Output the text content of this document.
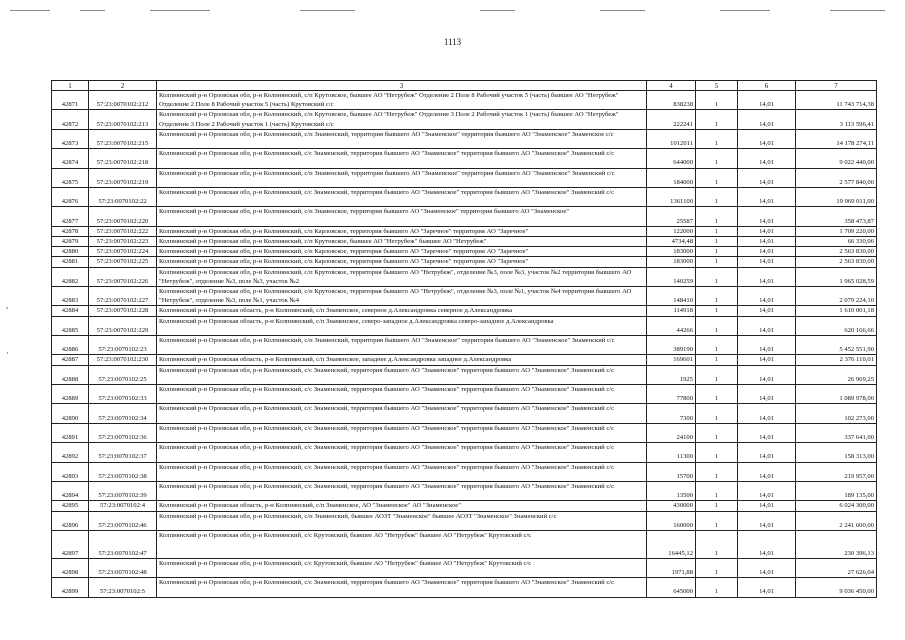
1113
,
·
1	2	3	4	5	6	7
42871	57:23:0070102:212	Колпнянский р-н Орловская обл, р-н Колпнянский, с/п Крутовское, бывшее АО "Нетрубеж" Отделение 2 Поле 8 Рабочий участок 5 (часть) бывшее АО "Нетрубеж" Отделение 2 Поле 8 Рабочий участок 5 (часть) Крутовский с/с	838238	1	14,01	11 743 714,38
42872	57:23:0070102:213	Колпнянский р-н Орловская обл, р-н Колпнянский, с/п Крутовское, бывшее АО "Нетрубеж" Отделение 3 Поле 2 Рабочий участок 1 (часть) бывшее АО "Нетрубеж" Отделение 3 Поле 2 Рабочий участок 1 (часть) Крутовский с/с	222241	1	14,01	3 113 596,41
42873	57:23:0070102:215	Колпнянский р-н Орловская обл, р-н Колпнянский, с/п Знаменский, территория бывшего АО "Знаменское" территория бывшего АО "Знаменское" Знаменское с/с	1012011	1	14,01	14 178 274,11
42874	57:23:0070102:218	Колпнянский р-н Орловская обл, р-н Колпнянский, с/с Знаменский, территория бывшего АО "Знаменское" территория бывшего АО "Знаменское" Знаменский с/с	644000	1	14,01	9 022 440,00
42875	57:23:0070102:219	Колпнянский р-н Орловская обл, р-н Колпнянский, с/п Знаменский, территория бывшего АО "Знаменское" территория бывшего АО "Знаменское" Знаменский с/с	184000	1	14,01	2 577 840,00
42876	57:23:0070102:22	Колпнянский р-н Орловская обл, р-н Колпнянский, с/с Знаменский, территория бывшего АО "Знаменское" территория бывшего АО "Знаменское" Знаменский с/с	1361100	1	14,01	19 069 011,00
42877	57:23:0070102:220	Колпнянский р-н Орловская обл, р-н Колпнянский, с/п Знаменское, территория бывшего АО "Знаменское" территория бывшего АО "Знаменское"	25587	1	14,01	358 473,87
42878	57:23:0070102:222	Колпнянский р-н Орловская обл, р-н Колпнянский, с/п Карловское, территория бывшего АО "Заречное" территория АО "Заречное"	122000	1	14,01	1 709 220,00
42879	57:23:0070102:223	Колпнянский р-н Орловская обл, р-н Колпнянский, с/п Крутовское, бывшее АО "Нетрубеж" бывшее АО "Нетрубеж"	4734,48	1	14,01	66 330,06
42880	57:23:0070102:224	Колпнянский р-н Орловская обл, р-н Колпнянский, с/п Карловское, территория бывшего АО "Заречное" территория АО "Заречное"	183000	1	14,01	2 563 830,00
42881	57:23:0070102:225	Колпнянский р-н Орловская обл, р-н Колпнянский, с/п Карловское, территория бывшего АО "Заречное" территория АО "Заречное"	183000	1	14,01	2 563 830,00
42882	57:23:0070102:226	Колпнянский р-н Орловская обл, р-н Колпнянский, с/п Крутовское, территория бывшего АО "Нетрубеж", отделение №3, поле №3, участок №2 территория бывшего АО "Нетрубеж", отделение №3, поле №3, участок №2	140259	1	14,01	1 965 028,59
42883	57:23:0070102:227	Колпнянский р-н Орловская обл, р-н Колпнянский, с/п Крутовское, территория бывшего АО "Нетрубеж", отделение №3, поле №1, участок №4 территория бывшего АО "Нетрубеж", отделение №3, поле №1, участок №4	148410	1	14,01	2 079 224,10
42884	57:23:0070102:228	Колпнянский р-н Орловская область, р-н Колпнянский, с/п Знаменское, северное д.Александровка северное д.Александровка	114918	1	14,01	1 610 001,18
42885	57:23:0070102:229	Колпнянский р-н Орловская область, р-н Колпнянский, с/п Знаменское, северо-западное д.Александровка северо-западное д.Александровка	44266	1	14,01	620 166,66
42886	57:23:0070102:23	Колпнянский р-н Орловская обл, р-н Колпнянский, с/п Знаменский, территория бывшего АО "Знаменское" территория бывшего АО "Знаменское" Знаменский с/с	389190	1	14,01	5 452 551,90
42887	57:23:0070102:230	Колпнянский р-н Орловская область, р-н Колпнянский, с/п Знаменское, западнее д.Александровка западнее д.Александровка	169601	1	14,01	2 376 110,01
42888	57:23:0070102:25	Колпнянский р-н Орловская обл, р-н Колпнянский, с/с Знаменский, территория бывшего АО "Знаменское" территория бывшего АО "Знаменское" Знаменский с/с	1925	1	14,01	26 969,25
42889	57:23:0070102:33	Колпнянский р-н Орловская обл, р-н Колпнянский, с/с Знаменский, территория бывшего АО "Знаменское" территория бывшего АО "Знаменское" Знаменский с/с	77800	1	14,01	1 089 978,00
42890	57:23:0070102:34	Колпнянский р-н Орловская обл, р-н Колпнянский, с/с Знаменский, территория бывшего АО "Знаменское" территория бывшего АО "Знаменское" Знаменский с/с	7300	1	14,01	102 273,00
42891	57:23:0070102:36	Колпнянский р-н Орловская обл, р-н Колпнянский, с/с Знаменский, территория бывшего АО "Знаменское" территория бывшего АО "Знаменское" Знаменский с/с	24100	1	14,01	337 641,00
42892	57:23:0070102:37	Колпнянский р-н Орловская обл, р-н Колпнянский, с/с Знаменский, территория бывшего АО "Знаменское" территория бывшего АО "Знаменское" Знаменский с/с	11300	1	14,01	158 313,00
42893	57:23:0070102:38	Колпнянский р-н Орловская обл, р-н Колпнянский, с/с Знаменский, территория бывшего АО "Знаменское" территория бывшего АО "Знаменское" Знаменский с/с	15700	1	14,01	219 957,00
42894	57:23:0070102:39	Колпнянский р-н Орловская обл, р-н Колпнянский, с/с Знаменский, территория бывшего АО "Знаменское" территория бывшего АО "Знаменское" Знаменский с/с	13500	1	14,01	189 135,00
42895	57:23:0070102:4	Колпнянский р-н Орловская область, р-н Колпнянский, с/п Знаменское, АО "Знаменское" АО "Знаменское"	430000	1	14,01	6 024 300,00
42896	57:23:0070102:46	Колпнянский р-н Орловская обл, р-н Колпнянский, с/п Знаменский, бывшее АОЗТ "Знаменское" бывшее АОЗТ "Знаменское" Знаменский с/с	160000	1	14,01	2 241 600,00
42897	57:23:0070102:47	Колпнянский р-н Орловская обл, р-н Колпнянский, с/с Крутовский, бывшее АО "Нетрубеж" бывшее АО "Нетрубеж" Крутовский с/с	16445,12	1	14,01	230 396,13
42898	57:23:0070102:48	Колпнянский р-н Орловская обл, р-н Колпнянский, с/с Крутовский, бывшее АО "Нетрубеж" бывшее АО "Нетрубеж" Крутовский с/с	1971,88	1	14,01	27 626,04
42899	57:23:0070102:5	Колпнянский р-н Орловская обл, р-н Колпнянский, с/с Знаменский, территория бывшего АО "Знаменское" территория бывшего АО "Знаменское" Знаменский с/с	645000	1	14,01	9 036 450,00
